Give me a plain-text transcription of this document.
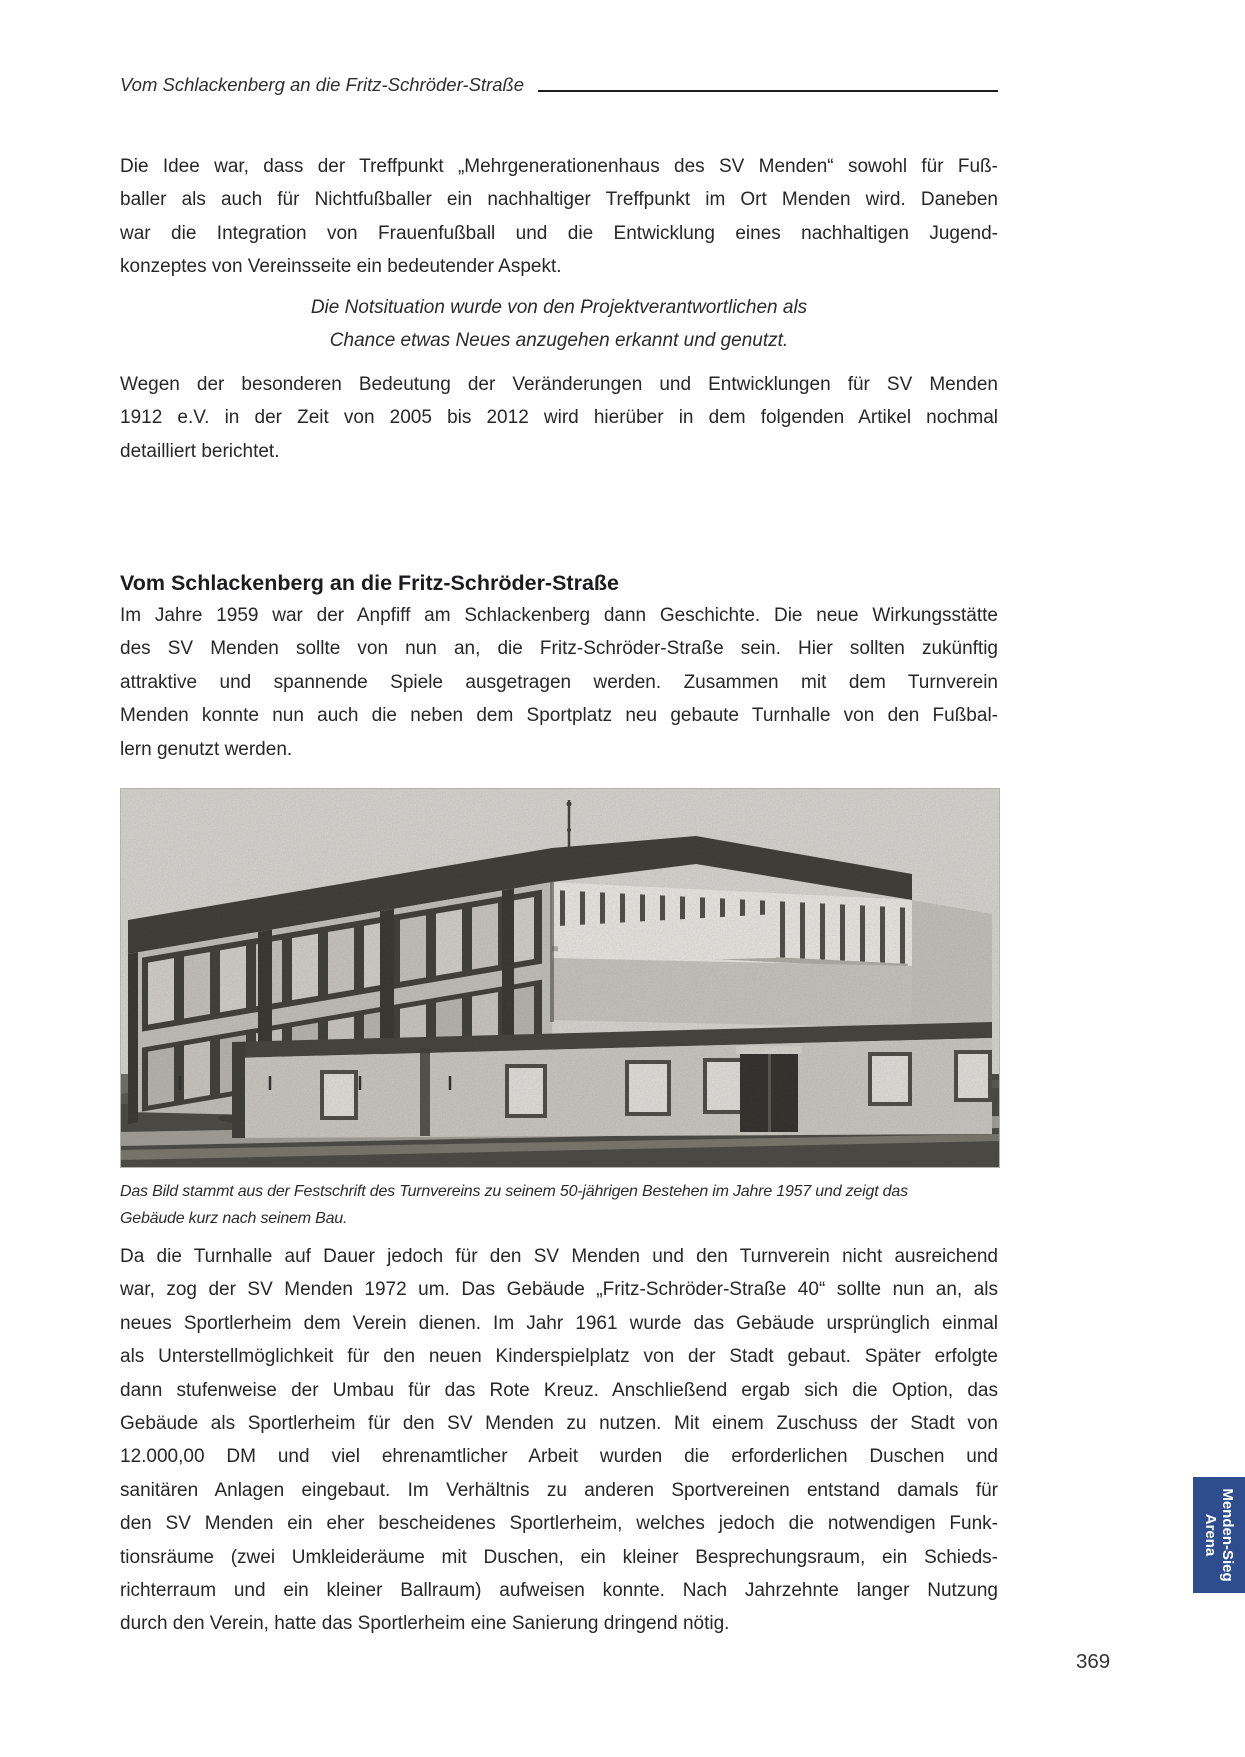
Vom Schlackenberg an die Fritz-Schröder-Straße
Die Idee war, dass der Treffpunkt „Mehrgenerationenhaus des SV Menden“ sowohl für Fuß-
baller als auch für Nichtfußballer ein nachhaltiger Treffpunkt im Ort Menden wird. Daneben
war die Integration von Frauenfußball und die Entwicklung eines nachhaltigen Jugend-
konzeptes von Vereinsseite ein bedeutender Aspekt.
Die Notsituation wurde von den Projektverantwortlichen als
Chance etwas Neues anzugehen erkannt und genutzt.
Wegen der besonderen Bedeutung der Veränderungen und Entwicklungen für SV Menden
1912 e.V. in der Zeit von 2005 bis 2012 wird hierüber in dem folgenden Artikel nochmal
detailliert berichtet.
Vom Schlackenberg an die Fritz-Schröder-Straße
Im Jahre 1959 war der Anpfiff am Schlackenberg dann Geschichte. Die neue Wirkungsstätte
des SV Menden sollte von nun an, die Fritz-Schröder-Straße sein. Hier sollten zukünftig
attraktive und spannende Spiele ausgetragen werden. Zusammen mit dem Turnverein
Menden konnte nun auch die neben dem Sportplatz neu gebaute Turnhalle von den Fußbal-
lern genutzt werden.
Das Bild stammt aus der Festschrift des Turnvereins zu seinem 50-jährigen Bestehen im Jahre 1957 und zeigt das
Gebäude kurz nach seinem Bau.
Da die Turnhalle auf Dauer jedoch für den SV Menden und den Turnverein nicht ausreichend
war, zog der SV Menden 1972 um. Das Gebäude „Fritz-Schröder-Straße 40“ sollte nun an, als
neues Sportlerheim dem Verein dienen. Im Jahr 1961 wurde das Gebäude ursprünglich einmal
als Unterstellmöglichkeit für den neuen Kinderspielplatz von der Stadt gebaut. Später erfolgte
dann stufenweise der Umbau für das Rote Kreuz. Anschließend ergab sich die Option, das
Gebäude als Sportlerheim für den SV Menden zu nutzen. Mit einem Zuschuss der Stadt von
12.000,00 DM und viel ehrenamtlicher Arbeit wurden die erforderlichen Duschen und
sanitären Anlagen eingebaut. Im Verhältnis zu anderen Sportvereinen entstand damals für
den SV Menden ein eher bescheidenes Sportlerheim, welches jedoch die notwendigen Funk-
tionsräume (zwei Umkleideräume mit Duschen, ein kleiner Besprechungsraum, ein Schieds-
richterraum und ein kleiner Ballraum) aufweisen konnte. Nach Jahrzehnte langer Nutzung
durch den Verein, hatte das Sportlerheim eine Sanierung dringend nötig.
Menden-Sieg
Arena
369
